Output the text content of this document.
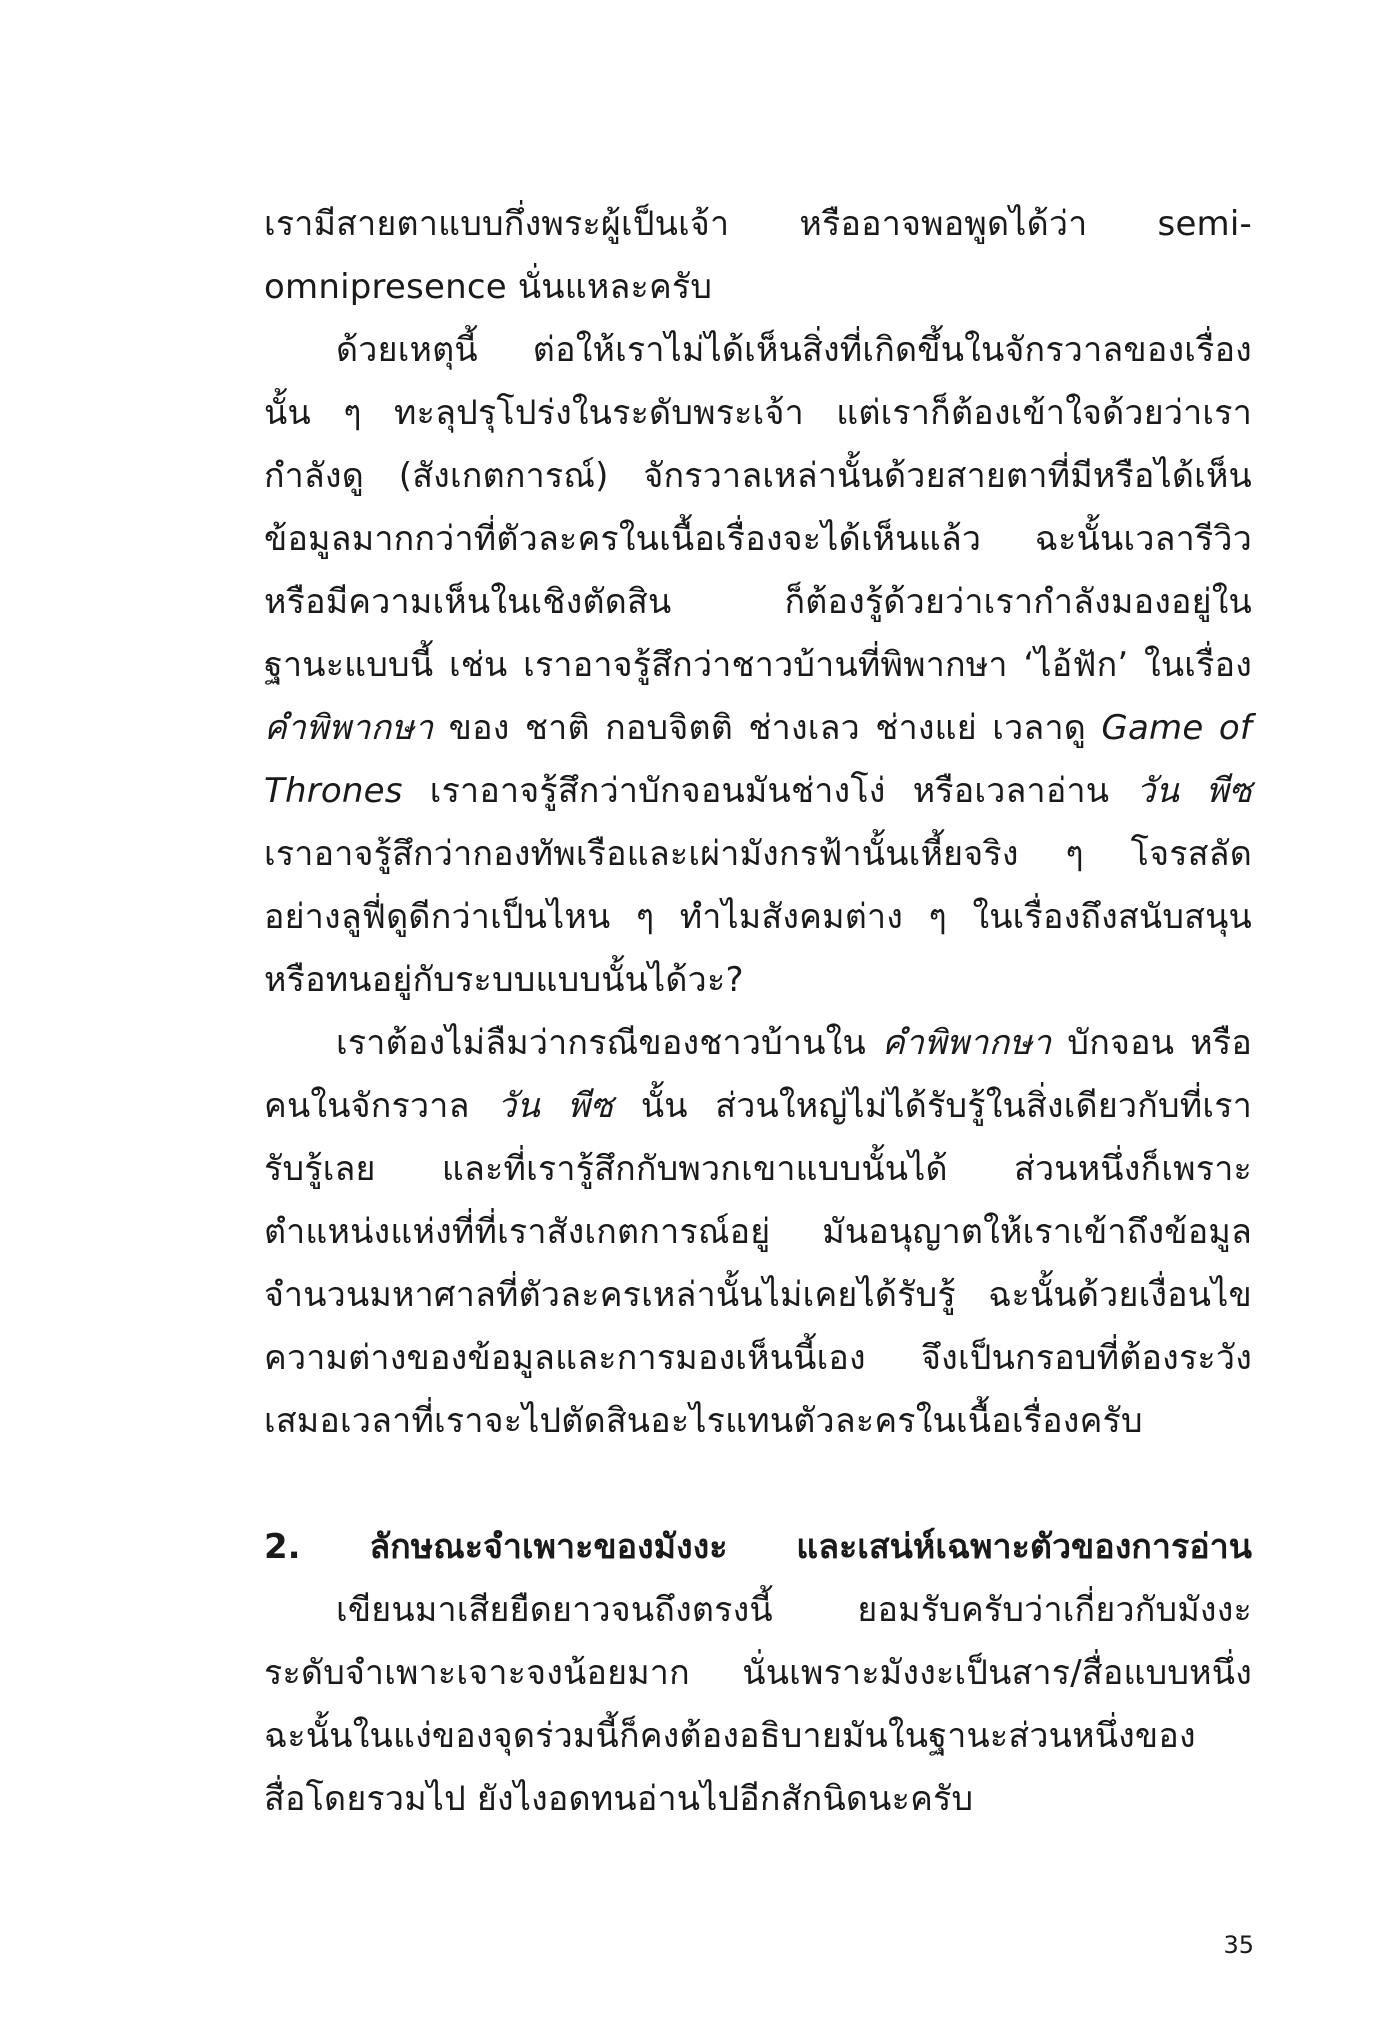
เรามีสายตาแบบกึ่งพระผู้เป็นเจ้า หรืออาจพอพูดได้ว่า semi-
omnipresence นั่นแหละครับ
ด้วยเหตุนี้ ต่อให้เราไม่ได้เห็นสิ่งที่เกิดขึ้นในจักรวาลของเรื่อง
นั้น ๆ ทะลุปรุโปร่งในระดับพระเจ้า แต่เราก็ต้องเข้าใจด้วยว่าเรา
กำลังดู (สังเกตการณ์) จักรวาลเหล่านั้นด้วยสายตาที่มีหรือได้เห็น
ข้อมูลมากกว่าที่ตัวละครในเนื้อเรื่องจะได้เห็นแล้ว ฉะนั้นเวลารีวิว
หรือมีความเห็นในเชิงตัดสิน ก็ต้องรู้ด้วยว่าเรากำลังมองอยู่ใน
ฐานะแบบนี้ เช่น เราอาจรู้สึกว่าชาวบ้านที่พิพากษา ‘ไอ้ฟัก’ ในเรื่อง
คำพิพากษา ของ ชาติ กอบจิตติ ช่างเลว ช่างแย่ เวลาดู Game of
Thrones เราอาจรู้สึกว่าบักจอนมันช่างโง่ หรือเวลาอ่าน วัน พีซ
เราอาจรู้สึกว่ากองทัพเรือและเผ่ามังกรฟ้านั้นเหี้ยจริง ๆ โจรสลัด
อย่างลูฟี่ดูดีกว่าเป็นไหน ๆ ทำไมสังคมต่าง ๆ ในเรื่องถึงสนับสนุน
หรือทนอยู่กับระบบแบบนั้นได้วะ?
เราต้องไม่ลืมว่ากรณีของชาวบ้านใน คำพิพากษา บักจอน หรือ
คนในจักรวาล วัน พีซ นั้น ส่วนใหญ่ไม่ได้รับรู้ในสิ่งเดียวกับที่เรา
รับรู้เลย และที่เรารู้สึกกับพวกเขาแบบนั้นได้ ส่วนหนึ่งก็เพราะ
ตำแหน่งแห่งที่ที่เราสังเกตการณ์อยู่ มันอนุญาตให้เราเข้าถึงข้อมูล
จำนวนมหาศาลที่ตัวละครเหล่านั้นไม่เคยได้รับรู้ ฉะนั้นด้วยเงื่อนไข
ความต่างของข้อมูลและการมองเห็นนี้เอง จึงเป็นกรอบที่ต้องระวัง
เสมอเวลาที่เราจะไปตัดสินอะไรแทนตัวละครในเนื้อเรื่องครับ
2. ลักษณะจำเพาะของมังงะ และเสน่ห์เฉพาะตัวของการอ่าน
เขียนมาเสียยืดยาวจนถึงตรงนี้ ยอมรับครับว่าเกี่ยวกับมังงะ
ระดับจำเพาะเจาะจงน้อยมาก นั่นเพราะมังงะเป็นสาร/สื่อแบบหนึ่ง
ฉะนั้นในแง่ของจุดร่วมนี้ก็คงต้องอธิบายมันในฐานะส่วนหนึ่งของ
สื่อโดยรวมไป ยังไงอดทนอ่านไปอีกสักนิดนะครับ
35
